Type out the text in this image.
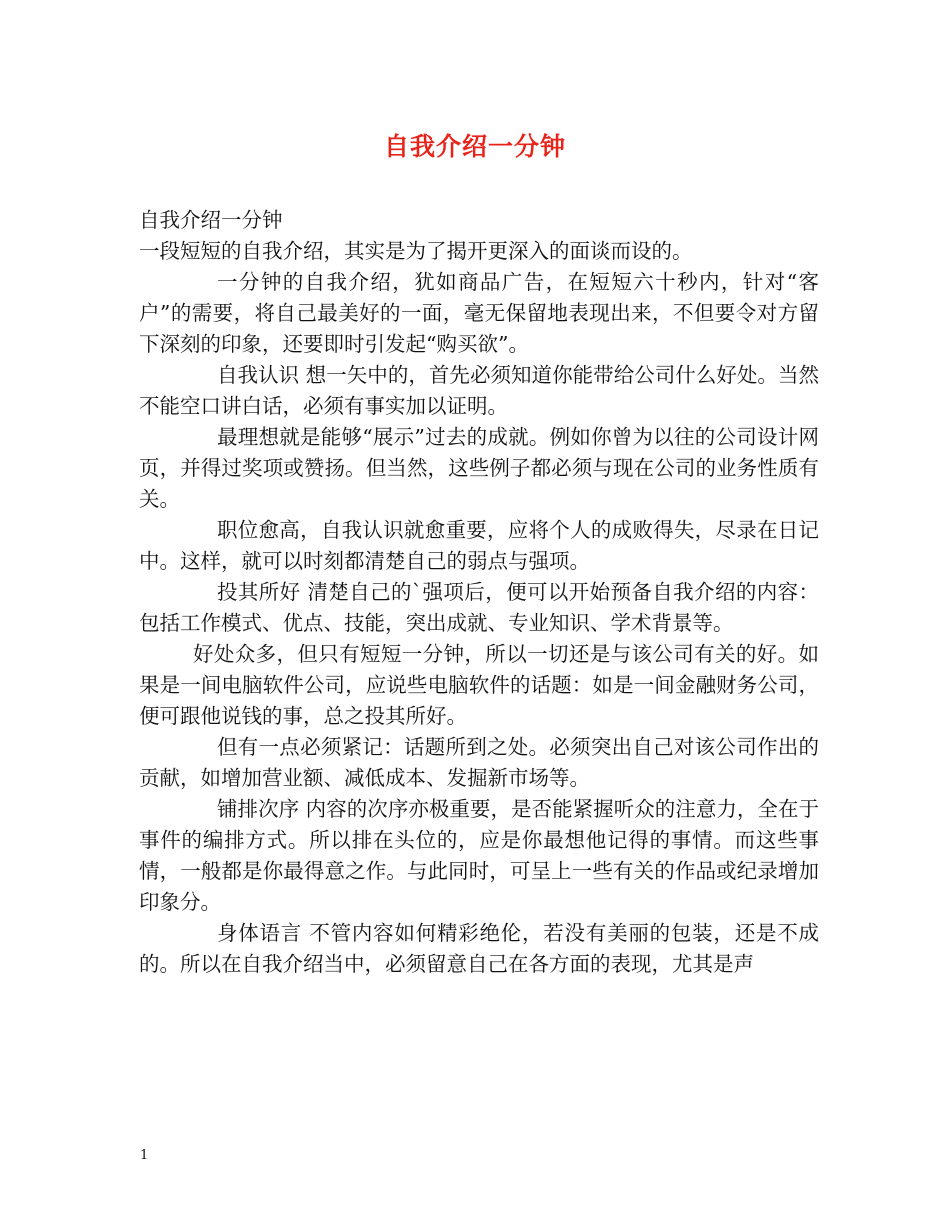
自我介绍一分钟

自我介绍一分钟

一段短短的自我介绍，其实是为了揭开更深入的面谈而设的。

一分钟的自我介绍，犹如商品广告，在短短六十秒内，针对“客户”的需要，将自己最美好的一面，毫无保留地表现出来，不但要令对方留下深刻的印象，还要即时引发起“购买欲”。

自我认识 想一矢中的，首先必须知道你能带给公司什么好处。当然不能空口讲白话，必须有事实加以证明。

最理想就是能够“展示”过去的成就。例如你曾为以往的公司设计网页，并得过奖项或赞扬。但当然，这些例子都必须与现在公司的业务性质有关。

职位愈高，自我认识就愈重要，应将个人的成败得失，尽录在日记中。这样，就可以时刻都清楚自己的弱点与强项。

投其所好 清楚自己的`强项后，便可以开始预备自我介绍的内容：包括工作模式、优点、技能，突出成就、专业知识、学术背景等。

好处众多，但只有短短一分钟，所以一切还是与该公司有关的好。如果是一间电脑软件公司，应说些电脑软件的话题：如是一间金融财务公司，便可跟他说钱的事，总之投其所好。

但有一点必须紧记：话题所到之处。必须突出自己对该公司作出的贡献，如增加营业额、减低成本、发掘新市场等。

铺排次序 内容的次序亦极重要，是否能紧握听众的注意力，全在于事件的编排方式。所以排在头位的，应是你最想他记得的事情。而这些事情，一般都是你最得意之作。与此同时，可呈上一些有关的作品或纪录增加印象分。

身体语言 不管内容如何精彩绝伦，若没有美丽的包装，还是不成的。所以在自我介绍当中，必须留意自己在各方面的表现，尤其是声

1
